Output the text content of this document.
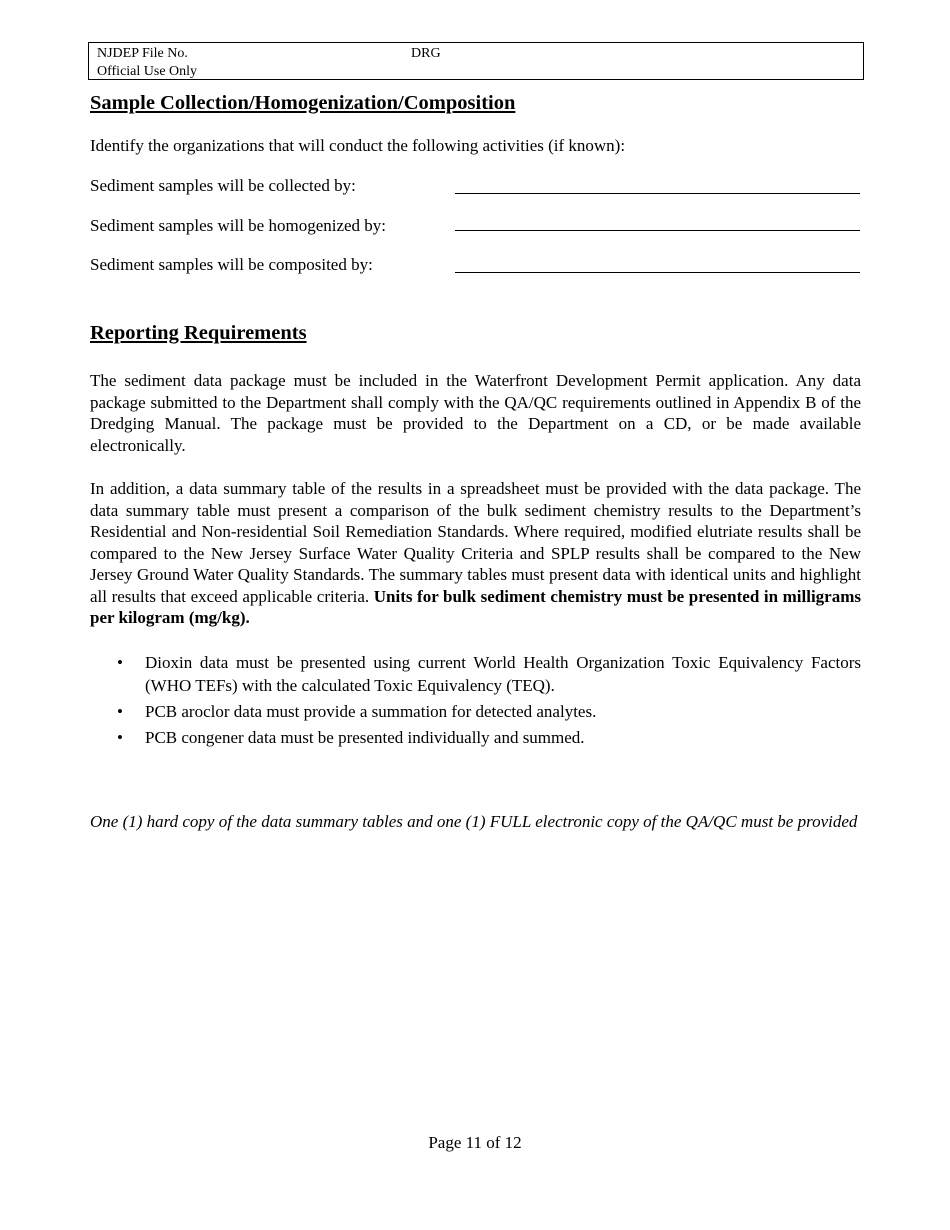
NJDEP File No.	DRG
Official Use Only
Sample Collection/Homogenization/Composition
Identify the organizations that will conduct the following activities (if known):
Sediment samples will be collected by:
Sediment samples will be homogenized by:
Sediment samples will be composited by:
Reporting Requirements
The sediment data package must be included in the Waterfront Development Permit application. Any data package submitted to the Department shall comply with the QA/QC requirements outlined in Appendix B of the Dredging Manual. The package must be provided to the Department on a CD, or be made available electronically.
In addition, a data summary table of the results in a spreadsheet must be provided with the data package. The data summary table must present a comparison of the bulk sediment chemistry results to the Department’s Residential and Non-residential Soil Remediation Standards. Where required, modified elutriate results shall be compared to the New Jersey Surface Water Quality Criteria and SPLP results shall be compared to the New Jersey Ground Water Quality Standards. The summary tables must present data with identical units and highlight all results that exceed applicable criteria. Units for bulk sediment chemistry must be presented in milligrams per kilogram (mg/kg).
• Dioxin data must be presented using current World Health Organization Toxic Equivalency Factors (WHO TEFs) with the calculated Toxic Equivalency (TEQ).
• PCB aroclor data must provide a summation for detected analytes.
• PCB congener data must be presented individually and summed.
One (1) hard copy of the data summary tables and one (1) FULL electronic copy of the QA/QC must be provided
Page 11 of 12
